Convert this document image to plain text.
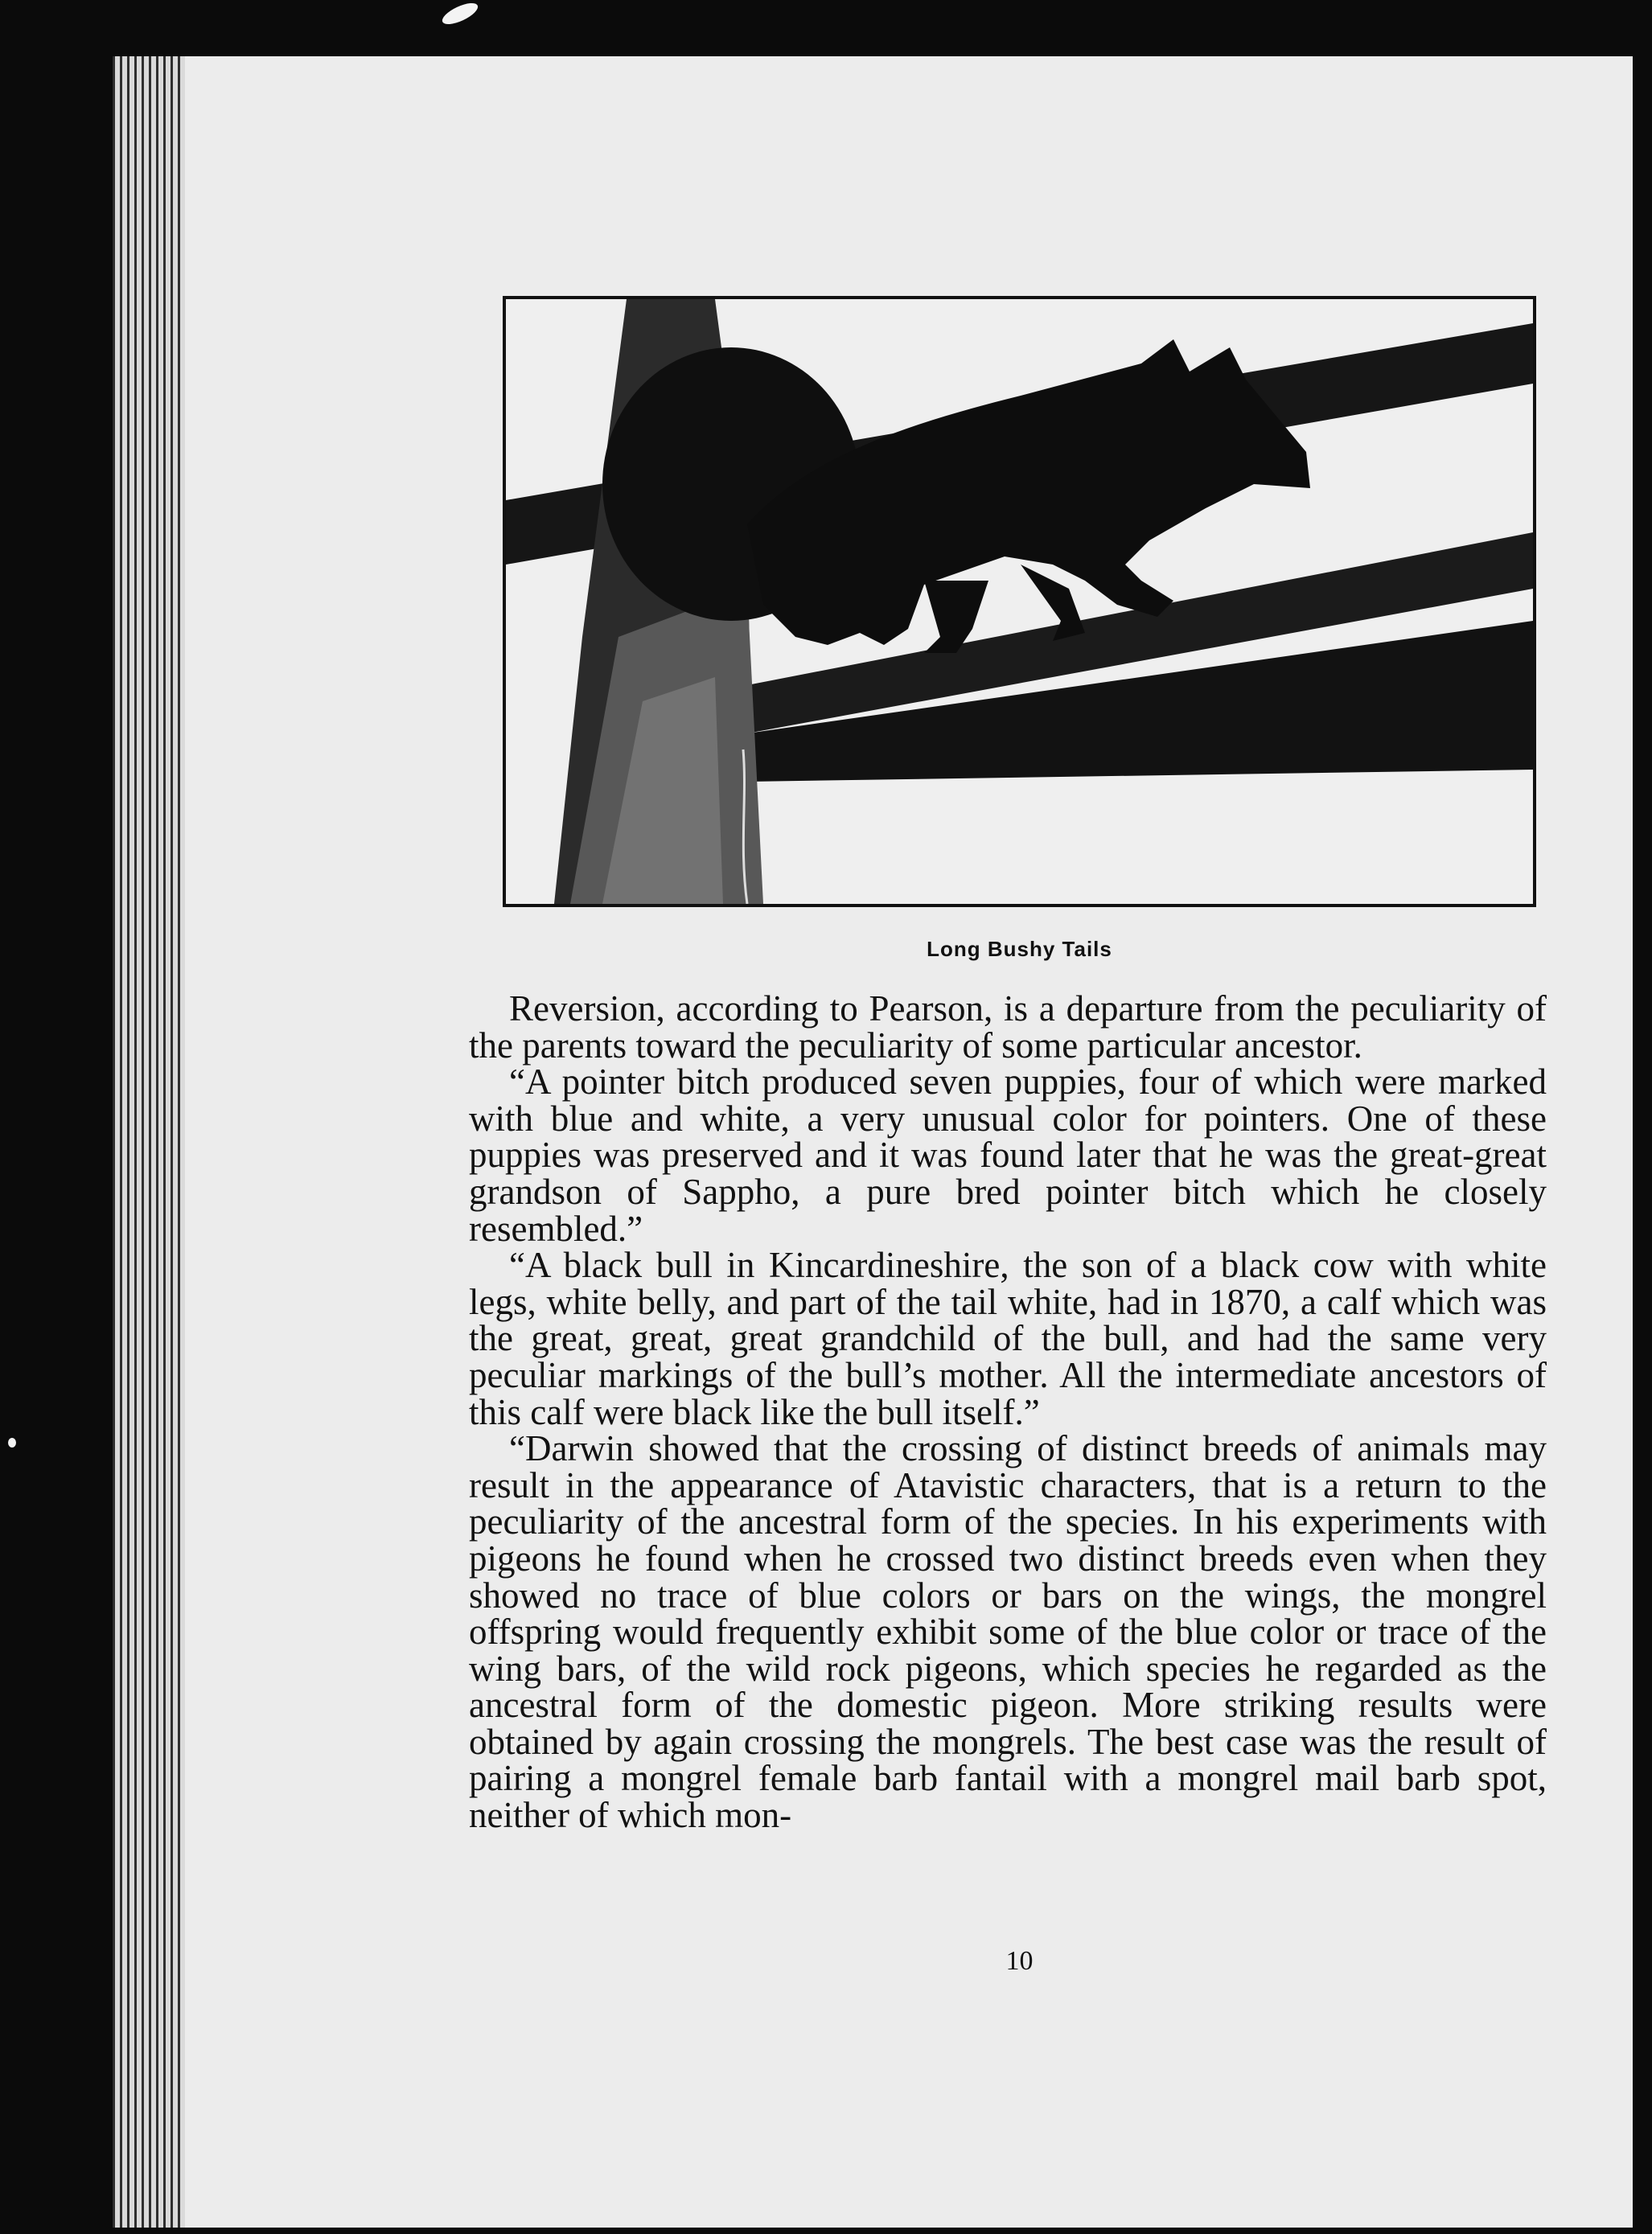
Long Bushy Tails

Reversion, according to Pearson, is a departure from the peculiarity of the parents toward the peculiarity of some particular ancestor.

“A pointer bitch produced seven puppies, four of which were marked with blue and white, a very unusual color for pointers. One of these puppies was preserved and it was found later that he was the great-great grandson of Sappho, a pure bred pointer bitch which he closely resembled.”

“A black bull in Kincardineshire, the son of a black cow with white legs, white belly, and part of the tail white, had in 1870, a calf which was the great, great, great grandchild of the bull, and had the same very peculiar markings of the bull’s mother. All the intermediate ancestors of this calf were black like the bull itself.”

“Darwin showed that the crossing of distinct breeds of animals may result in the appearance of Atavistic characters, that is a return to the peculiarity of the ancestral form of the species. In his experiments with pigeons he found when he crossed two distinct breeds even when they showed no trace of blue colors or bars on the wings, the mongrel offspring would frequently exhibit some of the blue color or trace of the wing bars, of the wild rock pigeons, which species he regarded as the ancestral form of the domestic pigeon. More striking results were obtained by again crossing the mongrels. The best case was the result of pairing a mongrel female barb fantail with a mongrel mail barb spot, neither of which mon-

10
